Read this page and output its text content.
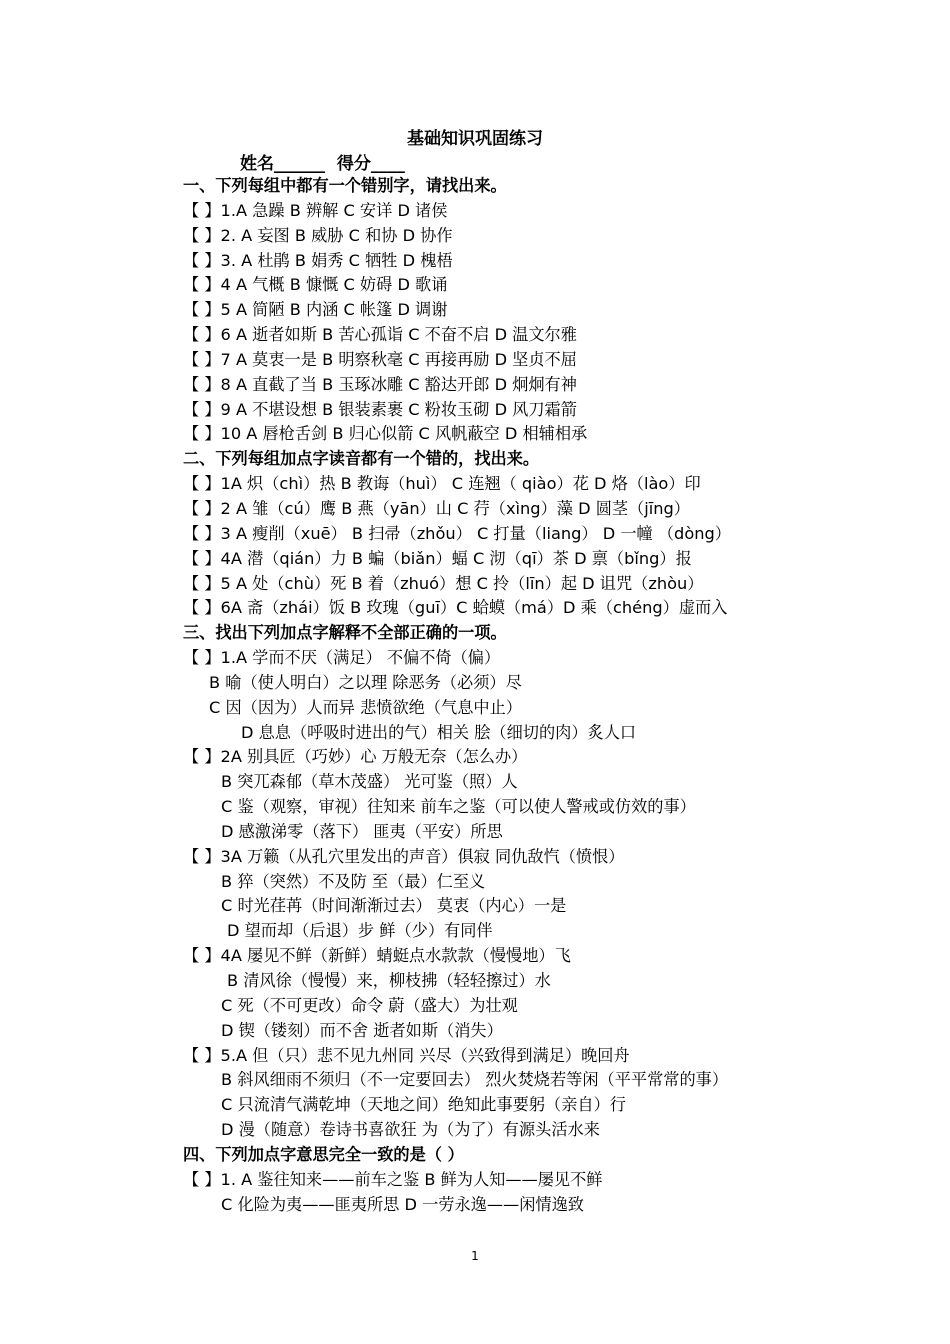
基础知识巩固练习
姓名______  得分____
一、下列每组中都有一个错别字，请找出来。
【 】1.A 急躁 B 辨解 C 安详 D 诸侯
【 】2. A 妄图 B 威胁 C 和协 D 协作
【 】3. A 杜鹃 B 娟秀 C 牺牲 D 槐梧
【 】4 A 气概 B 慷慨 C 妨碍 D 歌诵
【 】5 A 简陋 B 内涵 C 帐篷 D 调谢
【 】6 A 逝者如斯 B 苦心孤诣 C 不奋不启 D 温文尔雅
【 】7 A 莫衷一是 B 明察秋毫 C 再接再励 D 坚贞不屈
【 】8 A 直截了当 B 玉琢冰雕 C 豁达开郎 D 炯炯有神
【 】9 A 不堪设想 B 银装素裹 C 粉妆玉砌 D 风刀霜箭
【 】10 A 唇枪舌剑 B 归心似箭 C 风帆蔽空 D 相辅相承
二、下列每组加点字读音都有一个错的，找出来。
【 】1A 炽（chì）热 B 教诲（huì） C 连翘（ qiào）花 D 烙（lào）印
【 】2 A 雏（cú）鹰 B 燕（yān）山 C 荇（xìng）藻 D 圆茎（jīng）
【 】3 A 瘦削（xuē） B 扫帚（zhǒu） C 打量（liang） D 一幢 （dòng）
【 】4A 潜（qián）力 B 蝙（biǎn）蝠 C 沏（qī）茶 D 禀（bǐng）报
【 】5 A 处（chù）死 B 着（zhuó）想 C 拎（līn）起 D 诅咒（zhòu）
【 】6A 斋（zhái）饭 B 玫瑰（guī）C 蛤蟆（má）D 乘（chéng）虚而入
三、找出下列加点字解释不全部正确的一项。
【 】1.A 学而不厌（满足） 不偏不倚（偏）
B 喻（使人明白）之以理 除恶务（必须）尽
C 因（因为）人而异 悲愤欲绝（气息中止）
D 息息（呼吸时进出的气）相关 脍（细切的肉）炙人口
【 】2A 别具匠（巧妙）心 万般无奈（怎么办）
B 突兀森郁（草木茂盛） 光可鉴（照）人
C 鉴（观察，审视）往知来 前车之鉴（可以使人警戒或仿效的事）
D 感激涕零（落下） 匪夷（平安）所思
【 】3A 万籁（从孔穴里发出的声音）俱寂 同仇敌忾（愤恨）
B 猝（突然）不及防 至（最）仁至义
C 时光荏苒（时间渐渐过去） 莫衷（内心）一是
D 望而却（后退）步 鲜（少）有同伴
【 】4A 屡见不鲜（新鲜）蜻蜓点水款款（慢慢地）飞
B 清风徐（慢慢）来，柳枝拂（轻轻擦过）水
C 死（不可更改）命令 蔚（盛大）为壮观
D 锲（镂刻）而不舍 逝者如斯（消失）
【 】5.A 但（只）悲不见九州同 兴尽（兴致得到满足）晚回舟
B 斜风细雨不须归（不一定要回去） 烈火焚烧若等闲（平平常常的事）
C 只流清气满乾坤（天地之间）绝知此事要躬（亲自）行
D 漫（随意）卷诗书喜欲狂 为（为了）有源头活水来
四、下列加点字意思完全一致的是（ ）
【 】1. A 鉴往知来——前车之鉴 B 鲜为人知——屡见不鲜
C 化险为夷——匪夷所思 D 一劳永逸——闲情逸致
1
